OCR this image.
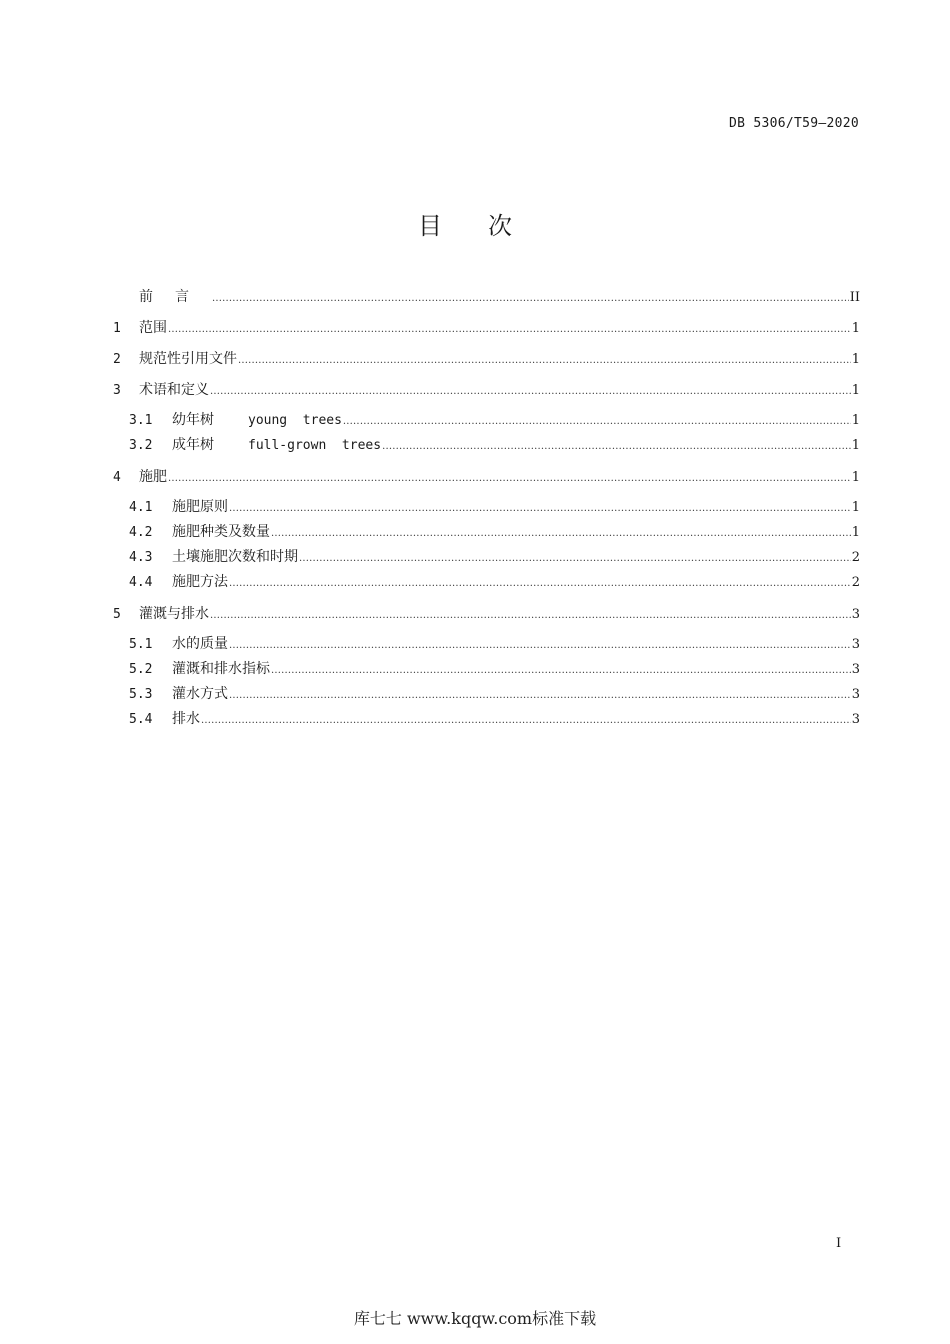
DB 5306/T59—2020
目次
前言 .....	II
1	范围 .....	1
2	规范性引用文件 .....	1
3	术语和定义 .....	1
3.1	幼年树	young  trees .....	1
3.2	成年树	full-grown  trees .....	1
4	施肥 .....	1
4.1	施肥原则 .....	1
4.2	施肥种类及数量 .....	1
4.3	土壤施肥次数和时期 .....	2
4.4	施肥方法 .....	2
5	灌溉与排水 .....	3
5.1	水的质量 .....	3
5.2	灌溉和排水指标 .....	3
5.3	灌水方式 .....	3
5.4	排水 .....	3
I
库七七 www.kqqw.com标准下载
